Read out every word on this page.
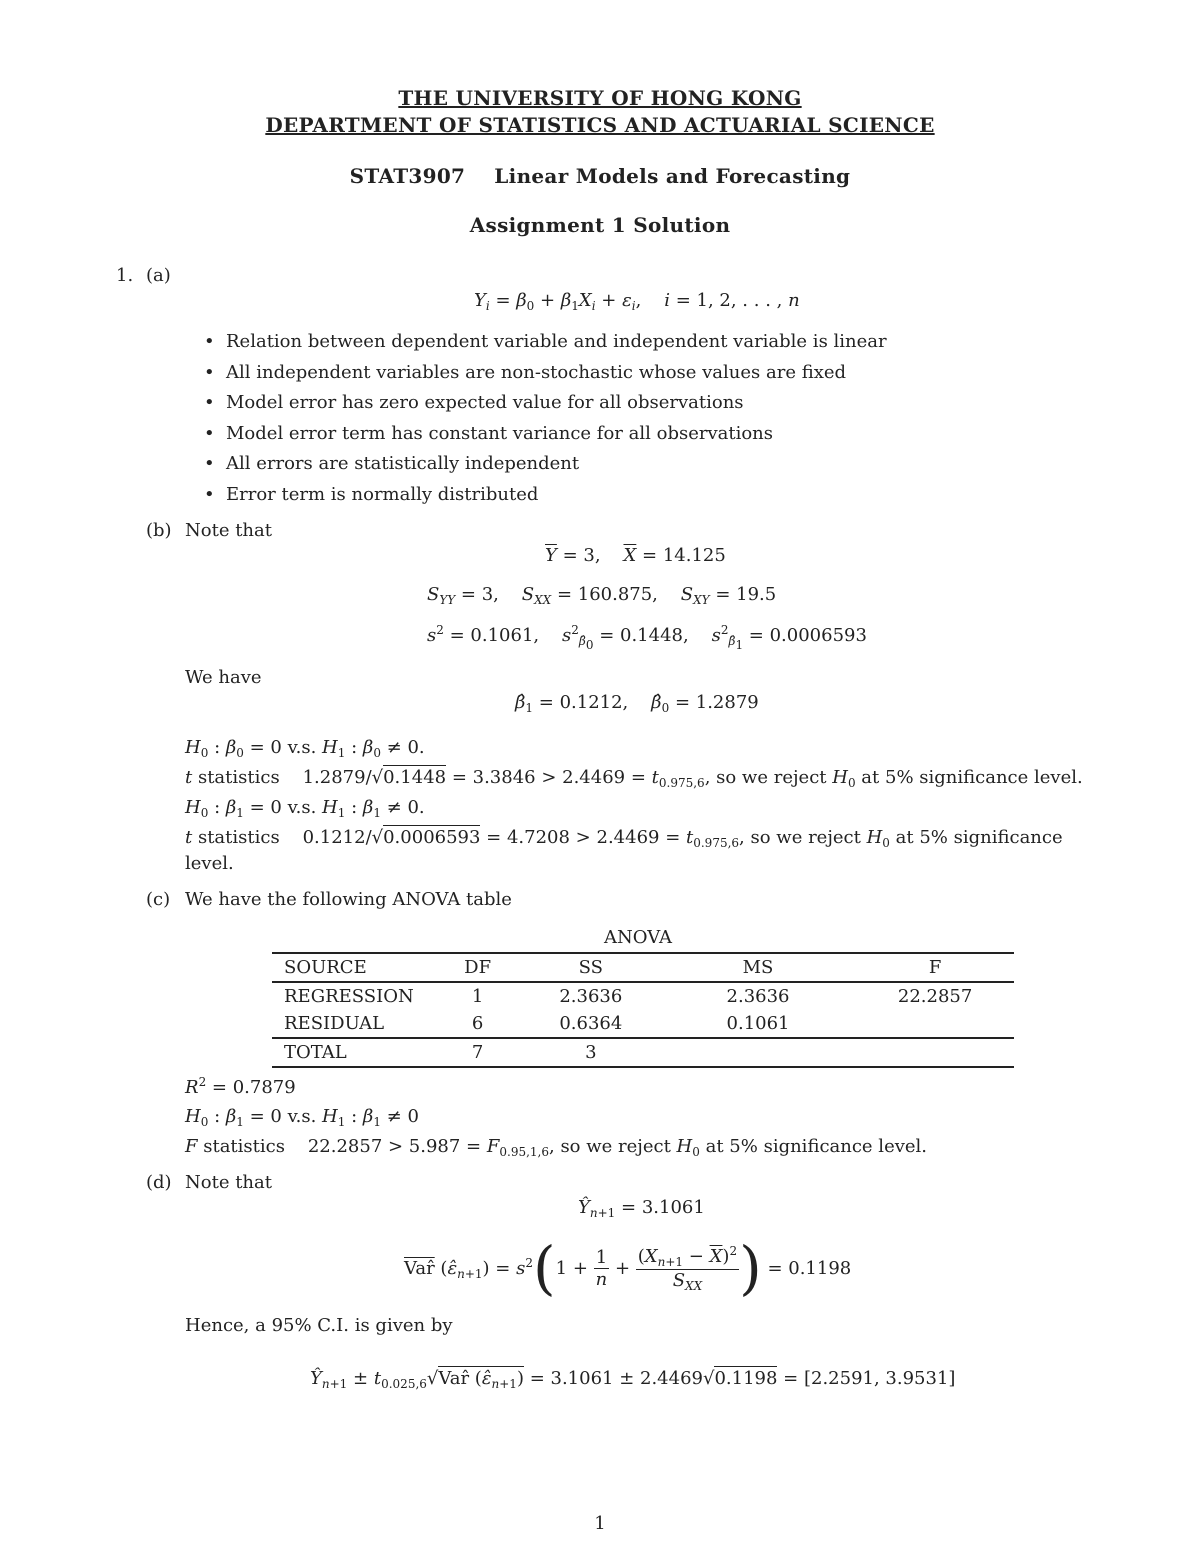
THE UNIVERSITY OF HONG KONG
DEPARTMENT OF STATISTICS AND ACTUARIAL SCIENCE
STAT3907    Linear Models and Forecasting
Assignment 1 Solution
1. (a)
$Y_i = \beta_0 + \beta_1X_i + \varepsilon_i$,    i = 1, 2, . . . , n
• Relation between dependent variable and independent variable is linear
• All independent variables are non-stochastic whose values are fixed
• Model error has zero expected value for all observations
• Model error term has constant variance for all observations
• All errors are statistically independent
• Error term is normally distributed
(b) Note that
$\overline{Y} = 3$,    $\overline{X} = 14.125$
$S_{YY} = 3$,    $S_{XX} = 160.875$,    $S_{XY} = 19.5$
$s^2 = 0.1061$,    $s^2_{\betâ_0} = 0.1448$,    $s^2_{\betâ_1} = 0.0006593$
We have
$\betâ_1 = 0.1212$,    $\betâ_0 = 1.2879$
$H_0$ : $\beta_0 = 0$ v.s. $H_1$ : $\beta_0 \ne 0$.
t statistics    $1.2879/√0.1448 = 3.3846 > 2.4469 = t_{0.975,6}$, so we reject $H_0$ at 5% significance level.
$H_0$ : $\beta_1 = 0$ v.s. $H_1$ : $\beta_1 \ne 0$.
t statistics    $0.1212/√0.0006593 = 4.7208 > 2.4469 = t_{0.975,6}$, so we reject $H_0$ at 5% significance
level.
(c) We have the following ANOVA table
ANOVA
SOURCE	DF	SS	MS	F
REGRESSION	1	2.3636	2.3636	22.2857
RESIDUAL	6	0.6364	0.1061	
TOTAL	7	3		
$R^2 = 0.7879$
$H_0$ : $\beta_1 = 0$ v.s. $H_1$ : $\beta_1 \ne 0$
F statistics    $22.2857 > 5.987 = F_{0.95,1,6}$, so we reject $H_0$ at 5% significance level.
(d) Note that
$Ŷ_{n+1} = 3.1061$
$\overline{Var}̂$ $(\varepsilon̂_{n+1}) = s^2$ ( $1 + \frac{1}{n} + \frac{(X_{n+1} - \overline{X})^2}{S_{XX}}$ ) = 0.1198
Hence, a 95% C.I. is given by
$Ŷ_{n+1}$ ± $t_{0.025,6}√Var̂$ $(\varepsilon̂_{n+1}) = 3.1061 \pm 2.4469√0.1198 = [2.2591$, 3.9531]
1
